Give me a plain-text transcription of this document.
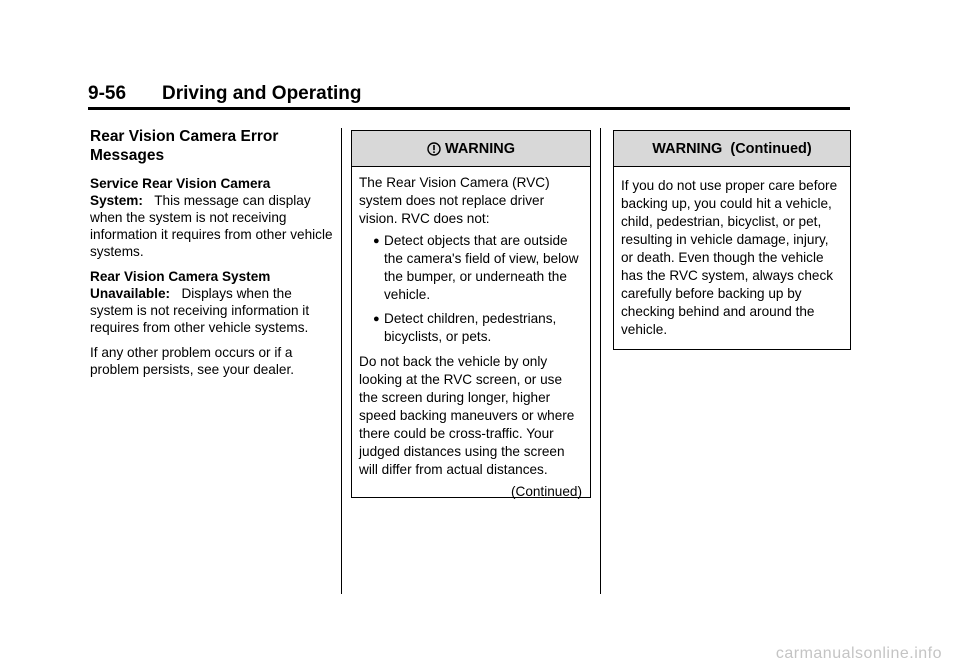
9-56 Driving and Operating
Rear Vision Camera Error Messages

Service Rear Vision Camera System: This message can display when the system is not receiving information it requires from other vehicle systems.

Rear Vision Camera System Unavailable: Displays when the system is not receiving information it requires from other vehicle systems.

If any other problem occurs or if a problem persists, see your dealer.

WARNING

The Rear Vision Camera (RVC) system does not replace driver vision. RVC does not:

● Detect objects that are outside the camera's field of view, below the bumper, or underneath the vehicle.
● Detect children, pedestrians, bicyclists, or pets.

Do not back the vehicle by only looking at the RVC screen, or use the screen during longer, higher speed backing maneuvers or where there could be cross-traffic. Your judged distances using the screen will differ from actual distances.

(Continued)
WARNING  (Continued)

If you do not use proper care before backing up, you could hit a vehicle, child, pedestrian, bicyclist, or pet, resulting in vehicle damage, injury, or death. Even though the vehicle has the RVC system, always check carefully before backing up by checking behind and around the vehicle.

carmanualsonline.info
